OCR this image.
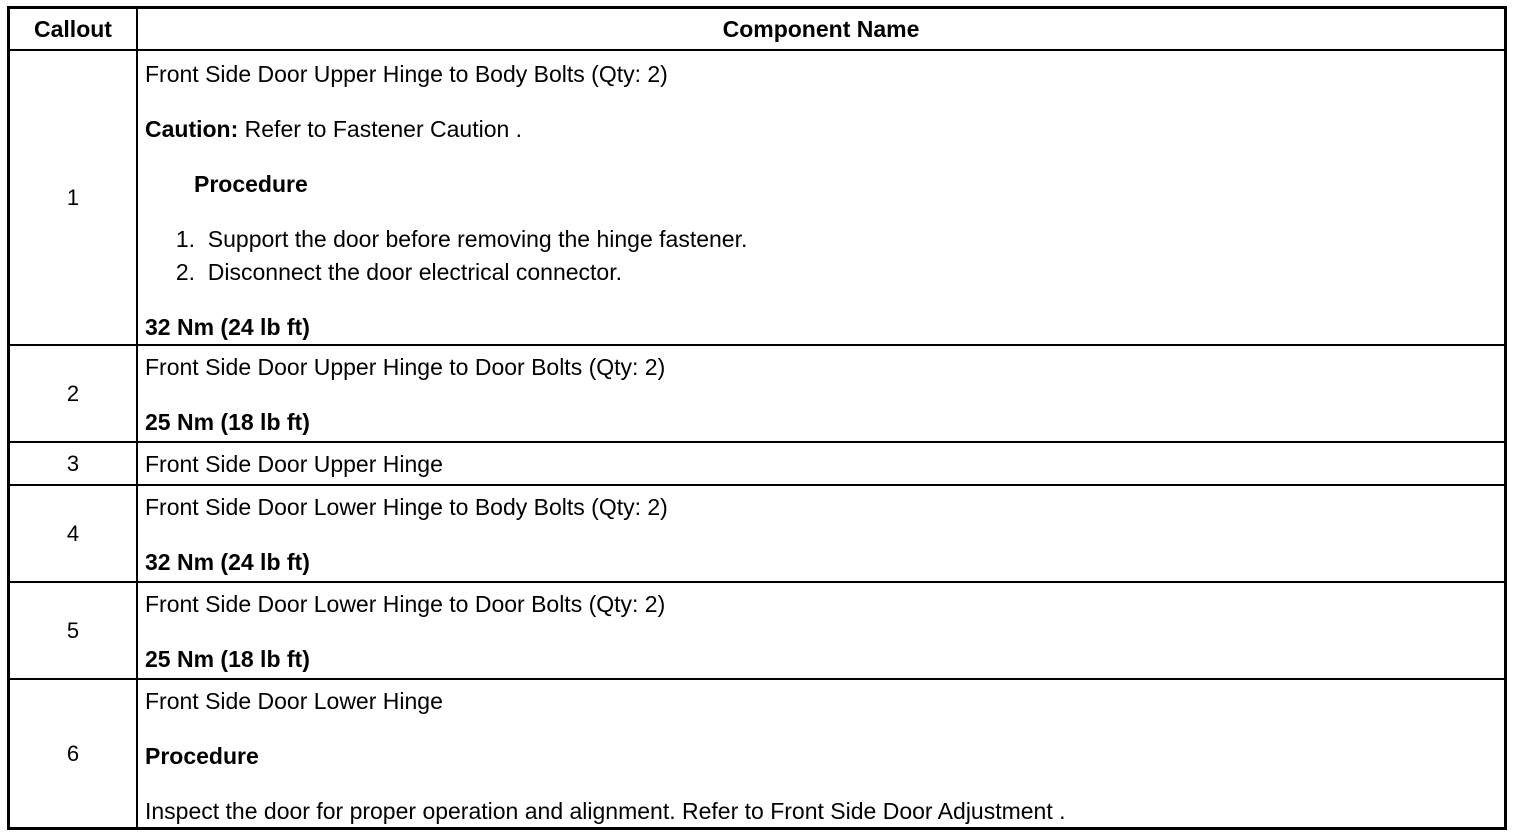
Callout	Component Name
1
Front Side Door Upper Hinge to Body Bolts (Qty: 2)
Caution: Refer to Fastener Caution .
Procedure
1. Support the door before removing the hinge fastener.
2. Disconnect the door electrical connector.
32 Nm (24 lb ft)
2
Front Side Door Upper Hinge to Door Bolts (Qty: 2)
25 Nm (18 lb ft)
3	Front Side Door Upper Hinge
4
Front Side Door Lower Hinge to Body Bolts (Qty: 2)
32 Nm (24 lb ft)
5
Front Side Door Lower Hinge to Door Bolts (Qty: 2)
25 Nm (18 lb ft)
6
Front Side Door Lower Hinge
Procedure
Inspect the door for proper operation and alignment. Refer to Front Side Door Adjustment .
